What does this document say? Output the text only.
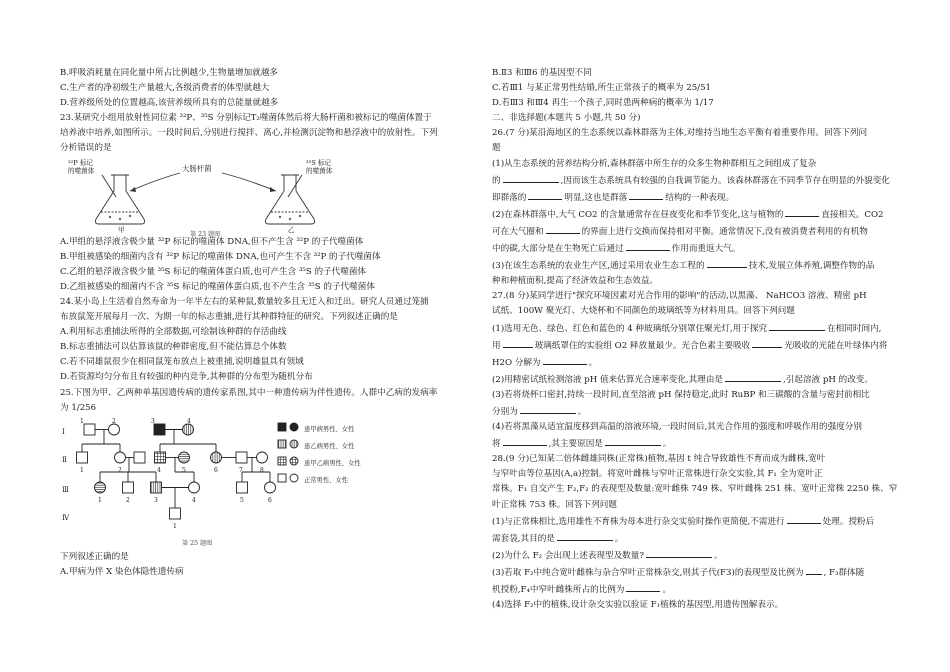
B.呼吸消耗量在同化量中所占比例越少,生物量增加就越多
C.生产者的净初级生产量越大,各级消费者的体型就越大
D.营养级所处的位置越高,该营养级所具有的总能量就越多
23.某研究小组用放射性同位素 ³²P、³⁵S 分别标记T₂噬菌体然后将大肠杆菌和被标记的噬菌体置于
培养液中培养,如图所示。一段时间后,分别进行搅拌、离心,并检测沉淀物和悬浮液中的放射性。下列
分析错误的是
³²P 标记
的噬菌体
³⁵S 标记
的噬菌体
大肠杆菌
甲	乙
第 23 题图
A.甲组的悬浮液含极少量 ³²P 标记的噬菌体 DNA,但不产生含 ³²P 的子代噬菌体
B.甲组被感染的细菌内含有 ³²P 标记的噬菌体 DNA,也可产生不含 ³²P 的子代噬菌体
C.乙组的悬浮液含极少量 ³⁵S 标记的噬菌体蛋白质,也可产生含 ³⁵S 的子代噬菌体
D.乙组被感染的细菌内不含 ³⁵S 标记的噬菌体蛋白质,也不产生含 ³⁵S 的子代噬菌体
24.某小岛上生活着自然寿命为一年半左右的某种鼠,数量较多且无迁入和迁出。研究人员通过笼捕
布放鼠笼开展每月一次、为期一年的标志重捕,进行其种群特征的研究。下列叙述正确的是
A.利用标志重捕法所得的全部数据,可绘制该种群的存活曲线
B.标志重捕法可以估算该鼠的种群密度,但不能估算总个体数
C.若不同雄鼠很少在相同鼠笼布放点上被重捕,说明雄鼠具有领域
D.若资源均匀分布且有较强的种内竞争,其种群的分布型为随机分布
25.下图为甲、乙两种单基因遗传病的遗传家系图,其中一种遗传病为伴性遗传。人群中乙病的发病率
为 1/256
Ⅰ
Ⅱ
Ⅲ
Ⅳ
1	2	3	4
1	2	4	5	6	7	8
1	2	3	4	5	6
1
患甲病男性、女性
患乙病男性、女性
患甲乙病男性、女性
正常男性、女性
第 25 题图
下列叙述正确的是
A.甲病为伴 X 染色体隐性遗传病
B.Ⅱ3 和Ⅲ6 的基因型不同
C.若Ⅲ1 与某正常男性结婚,所生正常孩子的概率为 25/51
D.若Ⅲ3 和Ⅲ4 再生一个孩子,同时患两种病的概率为 1/17
二、非选择题(本题共 5 小题,共 50 分)
26.(7 分)某沿海地区的生态系统以森林群落为主体,对维持当地生态平衡有着重要作用。回答下列问
题
(1)从生态系统的营养结构分析,森林群落中所生存的众多生物种群相互之间组成了复杂
的	,因而该生态系统具有较强的自我调节能力。该森林群落在不同季节存在明显的外貌变化
即群落的	明显,这也是群落	结构的一种表现。
(2)在森林群落中,大气 CO2 的含量通常存在昼夜变化和季节变化,这与植物的	直接相关。CO2
可在大气圈和	的界面上进行交换而保持相对平衡。通常情况下,没有被消费者利用的有机物
中的碳,大部分是在生物死亡后通过	作用而重返大气。
(3)在该生态系统的农业生产区,通过采用农业生态工程的	技术,发展立体养殖,调整作物的品
种和种植面积,提高了经济效益和生态效益。
27.(8 分)某同学进行"探究环境因素对光合作用的影响"的活动,以黑藻、 NaHCO3 溶液、精密 pH
试纸、100W 聚光灯、大烧杯和不同颜色的玻璃纸等为材料用具。回答下列问题
(1)选用无色、绿色、红色和蓝色的 4 种玻璃纸分别罩住聚光灯,用于探究	在相同时间内,
用	玻璃纸罩住的实验组 O2 释放量最少。光合色素主要吸收	光吸收的光能在叶绿体内将
H2O 分解为	。
(2)用精密试纸检测溶液 pH 值来估算光合速率变化,其理由是	,引起溶液 pH 的改变。
(3)若将烧杯口密封,持续一段时间,直至溶液 pH 保持稳定,此时 RuBP 和三碳酸的含量与密封前相比
分别为	。
(4)若将黑藻从适宜温度移到高温的溶液环境,一段时间后,其光合作用的强度和呼吸作用的强度分别
将	,其主要原因是	。
28.(9 分)已知某二倍体雌雄同株(正常株)植物,基因 t 纯合导致雄性不育而成为雌株,宽叶
与窄叶由等位基因(A,a)控制。将宽叶雌株与窄叶正常株进行杂交实验,其 F₁ 全为宽叶正
常株。F₁ 自交产生 F₂,F₂ 的表现型及数量:宽叶雌株 749 株、窄叶雌株 251 株、宽叶正常株 2250 株、窄
叶正常株 753 株。回答下列问题
(1)与正常株相比,选用雄性不育株为母本进行杂交实验时操作更简便,不需进行	处理。授粉后
需套袋,其目的是	。
(2)为什么 F₂ 会出现上述表现型及数量?	。
(3)若取 F₂中纯合宽叶雌株与杂合窄叶正常株杂交,则其子代(F3)的表现型及比例为 , F₃群体随
机授粉,F₄中窄叶雌株所占的比例为	。
(4)选择 F₂中的植株,设计杂交实验以验证 F₁植株的基因型,用遗传图解表示。
